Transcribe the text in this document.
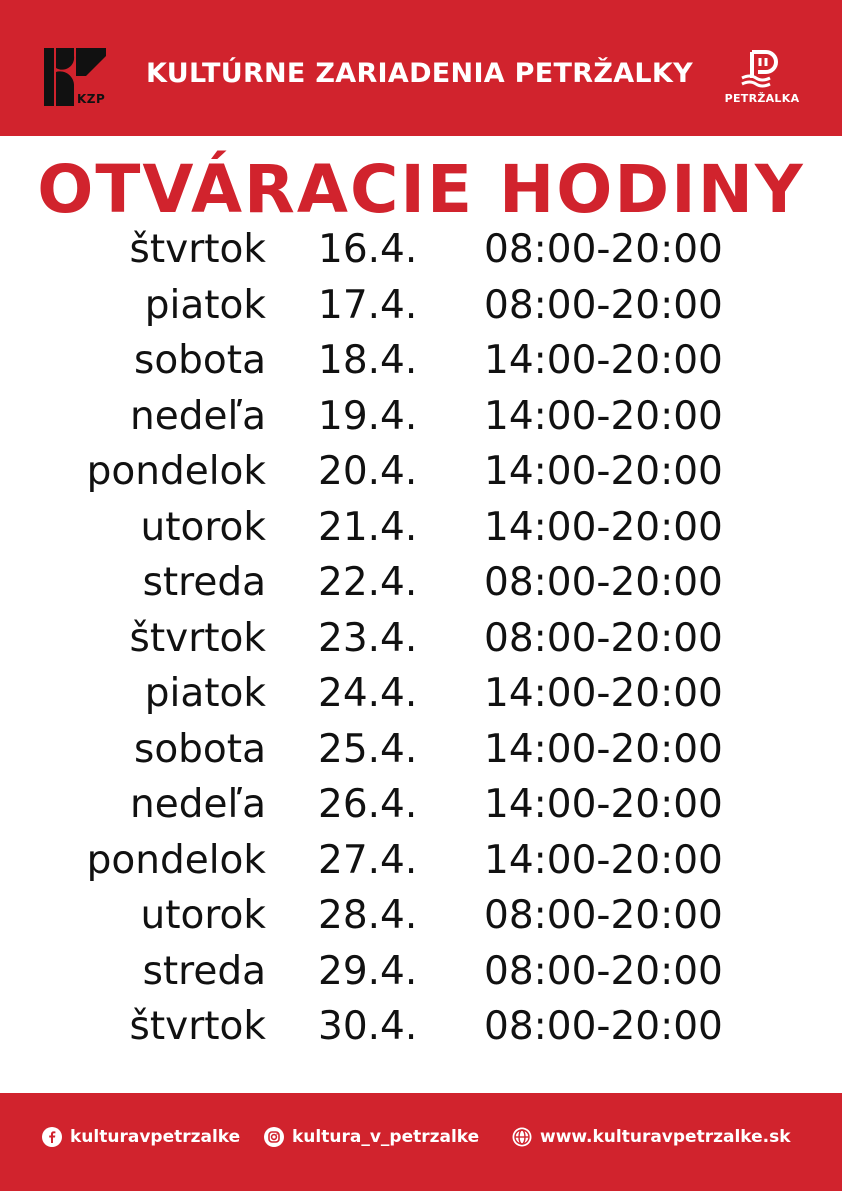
KZP
KULTÚRNE ZARIADENIA PETRŽALKY
PETRŽALKA
OTVÁRACIE HODINY
štvrtok 16.4. 08:00-20:00
piatok 17.4. 08:00-20:00
sobota 18.4. 14:00-20:00
nedeľa 19.4. 14:00-20:00
pondelok 20.4. 14:00-20:00
utorok 21.4. 14:00-20:00
streda 22.4. 08:00-20:00
štvrtok 23.4. 08:00-20:00
piatok 24.4. 14:00-20:00
sobota 25.4. 14:00-20:00
nedeľa 26.4. 14:00-20:00
pondelok 27.4. 14:00-20:00
utorok 28.4. 08:00-20:00
streda 29.4. 08:00-20:00
štvrtok 30.4. 08:00-20:00
kulturavpetrzalke	kultura_v_petrzalke	www.kulturavpetrzalke.sk
